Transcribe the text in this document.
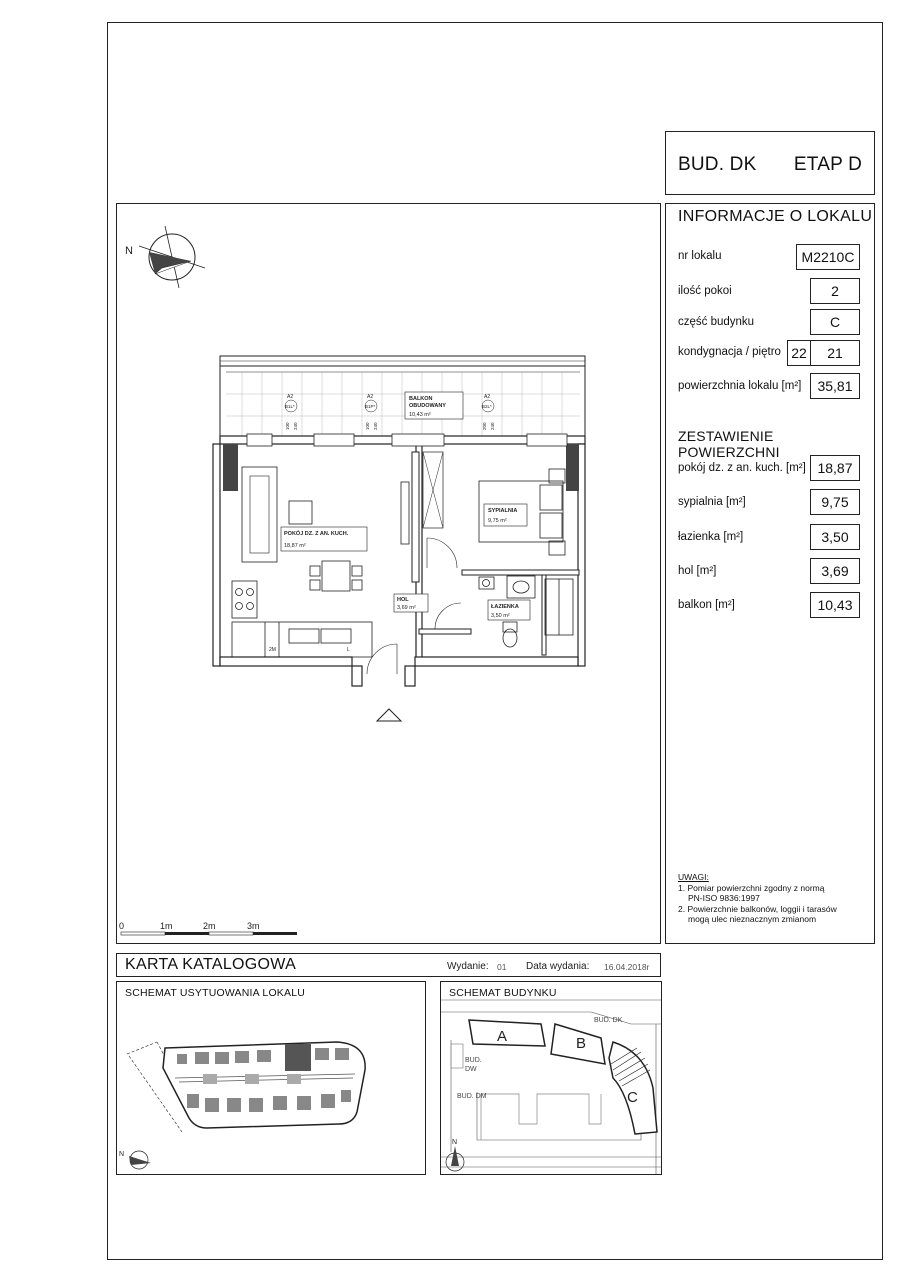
BUD. DK ETAP D
N
BALKON
OBUDOWANY
10,43 m²
A2
B1L*
100 240
A2
B1P*
100 240
A2
B2L*
200 240
POKÓJ DZ. Z AN. KUCH.
18,87 m²
2M	L
HOL
3,69 m²
SYPIALNIA
9,75 m²
ŁAZIENKA
3,50 m²
0	1m	2m	3m
INFORMACJE O LOKALU
nr lokalu	M2210C
ilość pokoi	2
część budynku	C
kondygnacja / piętro 22	21
powierzchnia lokalu [m²]	35,81
ZESTAWIENIE POWIERZCHNI
pokój dz. z an. kuch. [m²] 18,87
sypialnia [m²]	9,75
łazienka [m²]	3,50
hol [m²]	3,69
balkon [m²]	10,43
UWAGI:
1. Pomiar powierzchni zgodny z normą
PN-ISO 9836:1997
2. Powierzchnie balkonów, loggii i tarasów
mogą ulec nieznacznym zmianom
KARTA KATALOGOWA	Wydanie: 01 Data wydania: 16.04.2018r
SCHEMAT USYTUOWANIA LOKALU
N
SCHEMAT BUDYNKU
A	B
C
BUD. DK
BUD.
DW
BUD. DM
N
